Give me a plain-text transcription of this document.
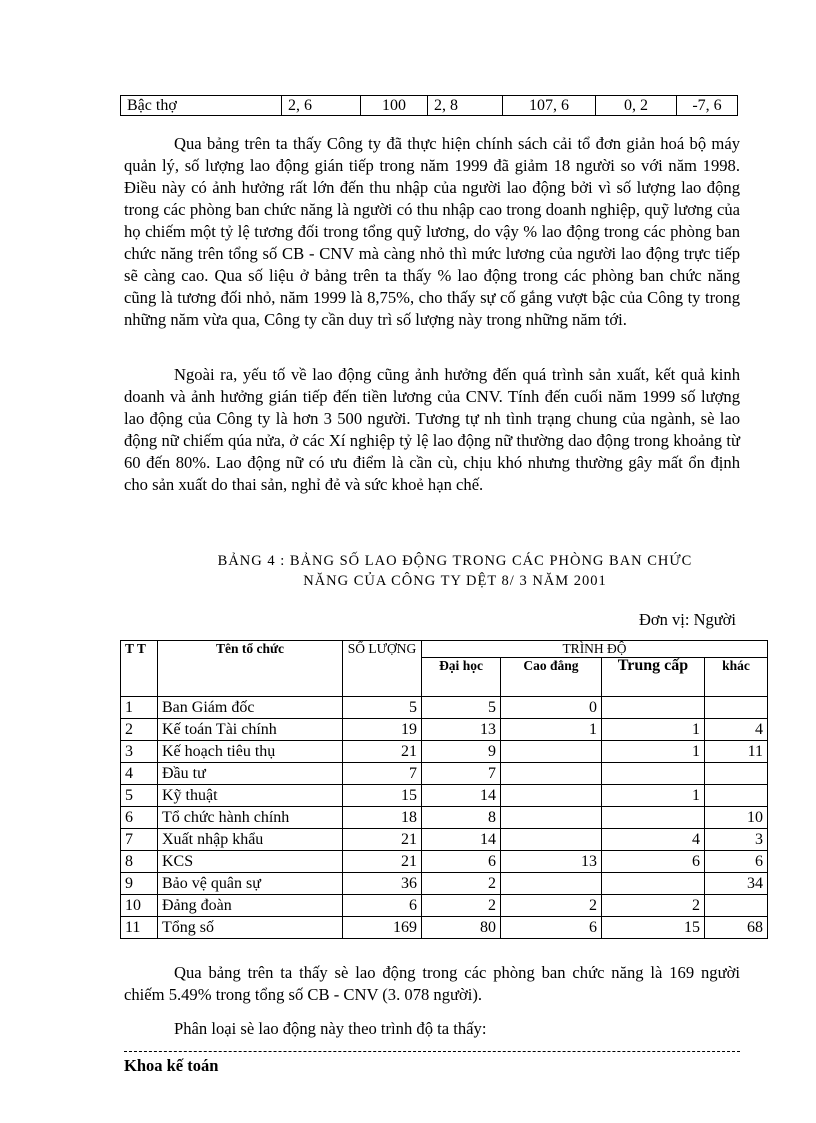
Bậc thợ	2, 6	100	2, 8	107, 6	0, 2	-7, 6

Qua bảng trên ta thấy Công ty đã thực hiện chính sách cải tổ đơn giản hoá bộ máy quản lý, số lượng lao động gián tiếp trong năm 1999 đã giảm 18 người so với năm 1998. Điều này có ảnh hưởng rất lớn đến thu nhập của người lao động bởi vì số lượng lao động trong các phòng ban chức năng là người có thu nhập cao trong doanh nghiệp, quỹ lương của họ chiếm một tỷ lệ tương đối trong tổng quỹ lương, do vậy % lao động trong các phòng ban chức năng trên tổng số CB - CNV mà càng nhỏ thì mức lương của người lao động trực tiếp sẽ càng cao. Qua số liệu ở bảng trên ta thấy % lao động trong các phòng ban chức năng cũng là tương đối nhỏ, năm 1999 là 8,75%, cho thấy sự cố gắng vượt bậc của Công ty trong những năm vừa qua, Công ty cần duy trì số lượng này trong những năm tới.

Ngoài ra, yếu tố về lao động cũng ảnh hưởng đến quá trình sản xuất, kết quả kinh doanh và ảnh hưởng gián tiếp đến tiền lương của CNV. Tính đến cuối năm 1999 số lượng lao động của Công ty là hơn 3 500 người. Tương tự nh tình trạng chung của ngành, sè lao động nữ chiếm qúa nửa, ở các Xí nghiệp tỷ lệ lao động nữ thường dao động trong khoảng từ 60 đến 80%. Lao động nữ có ưu điểm là cần cù, chịu khó nhưng thường gây mất ổn định cho sản xuất do thai sản, nghỉ đẻ và sức khoẻ hạn chế.

BẢNG 4 : BẢNG SỐ LAO ĐỘNG TRONG CÁC PHÒNG BAN CHỨC
NĂNG CỦA CÔNG TY DỆT 8/ 3 NĂM 2001
Đơn vị: Người
T T	Tên tổ chức	SỐ LƯỢNG	TRÌNH ĐỘ			
			Đại học	Cao đẳng	Trung cấp	khác
1	Ban Giám đốc	5	5	0		
2	Kế toán Tài chính	19	13	1	1	4
3	Kế hoạch tiêu thụ	21	9		1	11
4	Đầu tư	7	7			
5	Kỹ thuật	15	14		1	
6	Tổ chức hành chính	18	8			10
7	Xuất nhập khẩu	21	14		4	3
8	KCS	21	6	13	6	6
9	Bảo vệ quân sự	36	2			34
10	Đảng đoàn	6	2	2	2	
11	Tổng số	169	80	6	15	68

Qua bảng trên ta thấy sè lao động trong các phòng ban chức năng là 169 người chiếm 5.49% trong tổng số CB - CNV (3. 078 người).

Phân loại sè lao động này theo trình độ ta thấy:

Khoa kế toán
